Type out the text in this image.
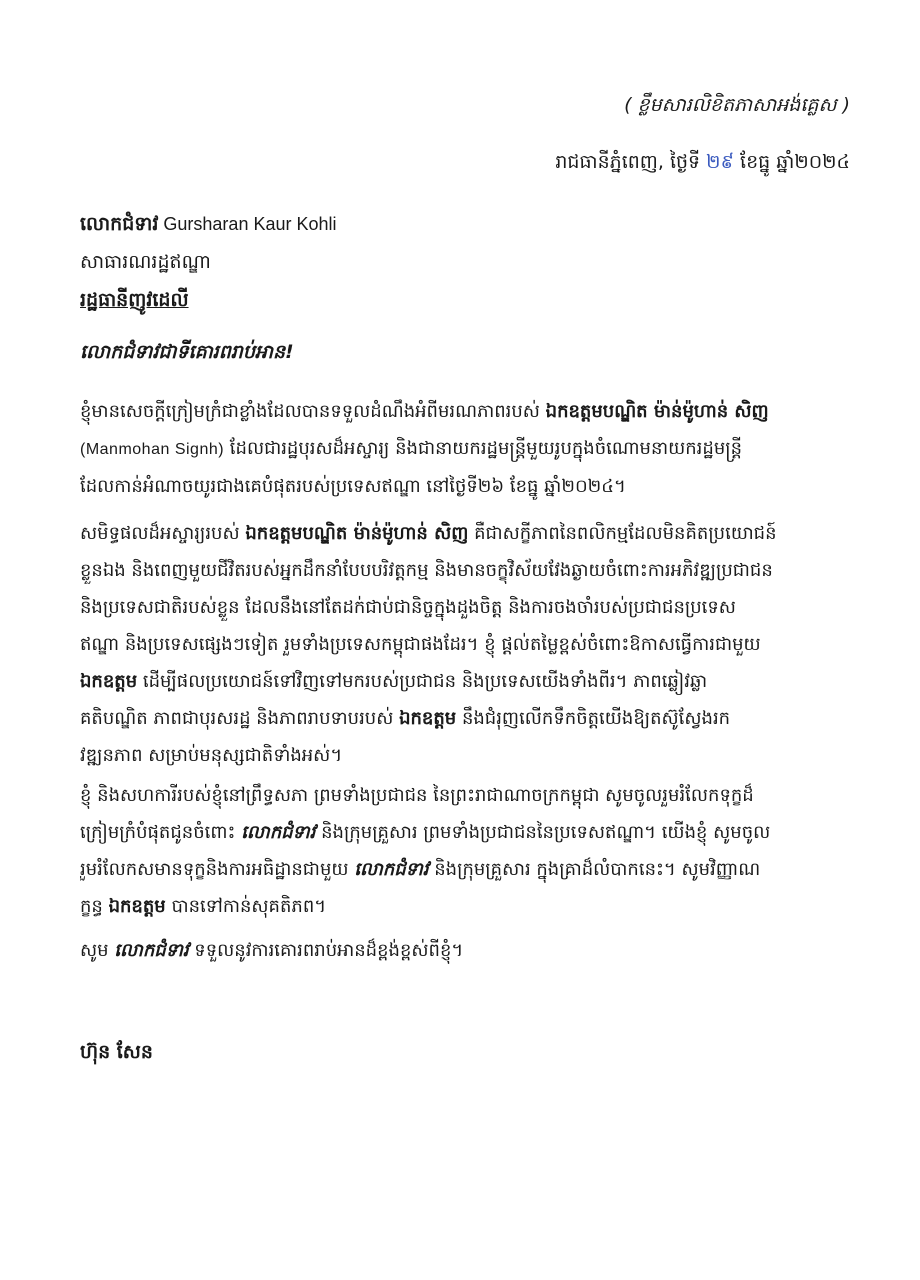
( ខ្លឹមសារលិខិតភាសាអង់គ្លេស )
រាជធានីភ្នំពេញ, ថ្ងៃទី ២៩ ខែធ្នូ ឆ្នាំ២០២៤
លោកជំទាវ Gursharan Kaur Kohli
សាធារណរដ្ឋឥណ្ឌា
រដ្ឋធានីញូវដេលី
លោកជំទាវជាទីគោរពរាប់អាន!
ខ្ញុំមានសេចក្ដីក្រៀមក្រំជាខ្លាំងដែលបានទទួលដំណឹងអំពីមរណភាពរបស់ ឯកឧត្ដមបណ្ឌិត ម៉ាន់ម៉ូហាន់ សិញ
(Manmohan Signh) ដែលជារដ្ឋបុរសដ៏អស្ចារ្យ និងជានាយករដ្ឋមន្ត្រីមួយរូបក្នុងចំណោមនាយករដ្ឋមន្ត្រី
ដែលកាន់អំណាចយូរជាងគេបំផុតរបស់ប្រទេសឥណ្ឌា នៅថ្ងៃទី២៦ ខែធ្នូ ឆ្នាំ២០២៤។
សមិទ្ធផលដ៏អស្ចារ្យរបស់ ឯកឧត្ដមបណ្ឌិត ម៉ាន់ម៉ូហាន់ សិញ គឺជាសក្ខីភាពនៃពលិកម្មដែលមិនគិតប្រយោជន៍
ខ្លួនឯង និងពេញមួយជីវិតរបស់អ្នកដឹកនាំបែបបរិវត្តកម្ម និងមានចក្ខុវិស័យវែងឆ្ងាយចំពោះការអភិវឌ្ឍប្រជាជន
និងប្រទេសជាតិរបស់ខ្លួន ដែលនឹងនៅតែដក់ជាប់ជានិច្ចក្នុងដួងចិត្ត និងការចងចាំរបស់ប្រជាជនប្រទេស
ឥណ្ឌា និងប្រទេសផ្សេងៗទៀត រួមទាំងប្រទេសកម្ពុជាផងដែរ។ ខ្ញុំ ផ្ដល់តម្លៃខ្ពស់ចំពោះឱកាសធ្វើការជាមួយ
ឯកឧត្ដម ដើម្បីផលប្រយោជន៍ទៅវិញទៅមករបស់ប្រជាជន និងប្រទេសយើងទាំងពីរ។ ភាពឆ្លៀវឆ្លា
គតិបណ្ឌិត ភាពជាបុរសរដ្ឋ និងភាពរាបទាបរបស់ ឯកឧត្ដម នឹងជំរុញលើកទឹកចិត្តយើងឱ្យតស៊ូស្វែងរក
វឌ្ឍនភាព សម្រាប់មនុស្សជាតិទាំងអស់។
ខ្ញុំ និងសហការីរបស់ខ្ញុំនៅព្រឹទ្ធសភា ព្រមទាំងប្រជាជន នៃព្រះរាជាណាចក្រកម្ពុជា សូមចូលរួមរំលែកទុក្ខដ៏
ក្រៀមក្រំបំផុតជូនចំពោះ លោកជំទាវ និងក្រុមគ្រួសារ ព្រមទាំងប្រជាជននៃប្រទេសឥណ្ឌា។ យើងខ្ញុំ សូមចូល
រួមរំលែកសមានទុក្ខនិងការអធិដ្ឋានជាមួយ លោកជំទាវ និងក្រុមគ្រួសារ ក្នុងគ្រាដ៏លំបាកនេះ។ សូមវិញ្ញាណ
ក្ខន្ធ ឯកឧត្ដម បានទៅកាន់សុគតិភព។
សូម លោកជំទាវ ទទួលនូវការគោរពរាប់អានដ៏ខ្ពង់ខ្ពស់ពីខ្ញុំ។
ហ៊ុន សែន
